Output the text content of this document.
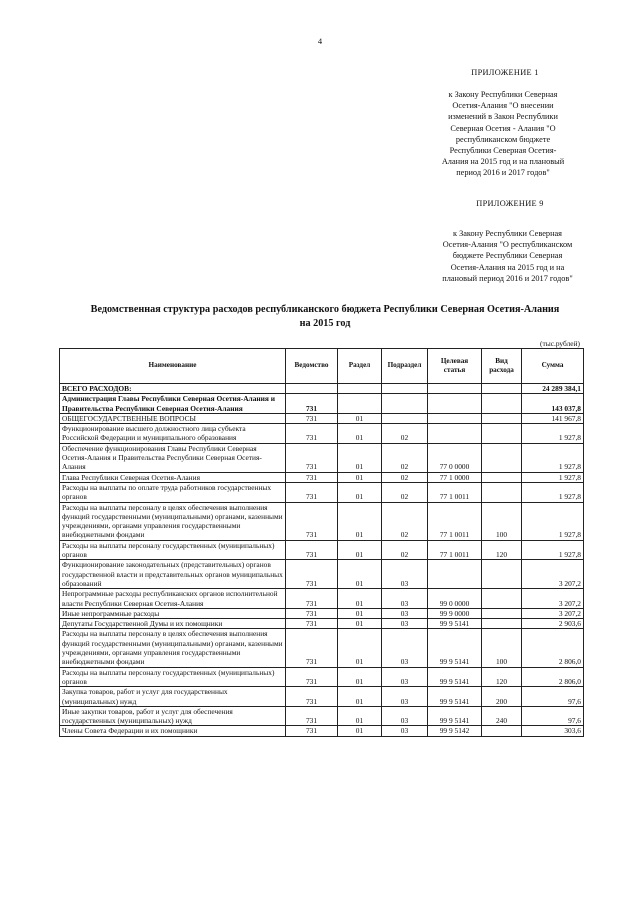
4
ПРИЛОЖЕНИЕ 1
к Закону Республики Северная
Осетия-Алания "О внесении
изменений в Закон Республики
Северная Осетия - Алания "О
республиканском бюджете
Республики Северная Осетия-
Алания на 2015 год и на плановый
период 2016 и 2017 годов"
ПРИЛОЖЕНИЕ 9
к Закону Республики Северная
Осетия-Алания "О республиканском
бюджете Республики Северная
Осетия-Алания на 2015 год и на
плановый период 2016 и 2017 годов"
Ведомственная структура расходов республиканского бюджета Республики Северная Осетия-Алания
на 2015 год
(тыс.рублей)
Наименование	Ведомство	Раздел	Подраздел	Целевая статья	Вид расхода	Сумма
ВСЕГО РАСХОДОВ:						24 289 384,1
Администрация Главы Республики Северная Осетия-Алания и Правительства Республики Северная Осетия-Алания	731					143 037,8
ОБЩЕГОСУДАРСТВЕННЫЕ ВОПРОСЫ	731	01				141 967,8
Функционирование высшего должностного лица субъекта Российской Федерации и муниципального образования	731	01	02			1 927,8
Обеспечение функционирования Главы Республики Северная Осетия-Алания и Правительства Республики Северная Осетия-Алания	731	01	02	77 0 0000		1 927,8
Глава Республики Северная Осетия-Алания	731	01	02	77 1 0000		1 927,8
Расходы на выплаты по оплате труда работников государственных органов	731	01	02	77 1 0011		1 927,8
Расходы на выплаты персоналу в целях обеспечения выполнения функций государственными (муниципальными) органами, казенными учреждениями, органами управления государственными внебюджетными фондами	731	01	02	77 1 0011	100	1 927,8
Расходы на выплаты персоналу государственных (муниципальных) органов	731	01	02	77 1 0011	120	1 927,8
Функционирование законодательных (представительных) органов государственной власти и представительных органов муниципальных образований	731	01	03			3 207,2
Непрограммные расходы республиканских органов исполнительной власти Республики Северная Осетия-Алания	731	01	03	99 0 0000		3 207,2
Иные непрограммные расходы	731	01	03	99 9 0000		3 207,2
Депутаты Государственной Думы и их помощники	731	01	03	99 9 5141		2 903,6
Расходы на выплаты персоналу в целях обеспечения выполнения функций государственными (муниципальными) органами, казенными учреждениями, органами управления государственными внебюджетными фондами	731	01	03	99 9 5141	100	2 806,0
Расходы на выплаты персоналу государственных (муниципальных) органов	731	01	03	99 9 5141	120	2 806,0
Закупка товаров, работ и услуг для государственных (муниципальных) нужд	731	01	03	99 9 5141	200	97,6
Иные закупки товаров, работ и услуг для обеспечения государственных (муниципальных) нужд	731	01	03	99 9 5141	240	97,6
Члены Совета Федерации и их помощники	731	01	03	99 9 5142		303,6
